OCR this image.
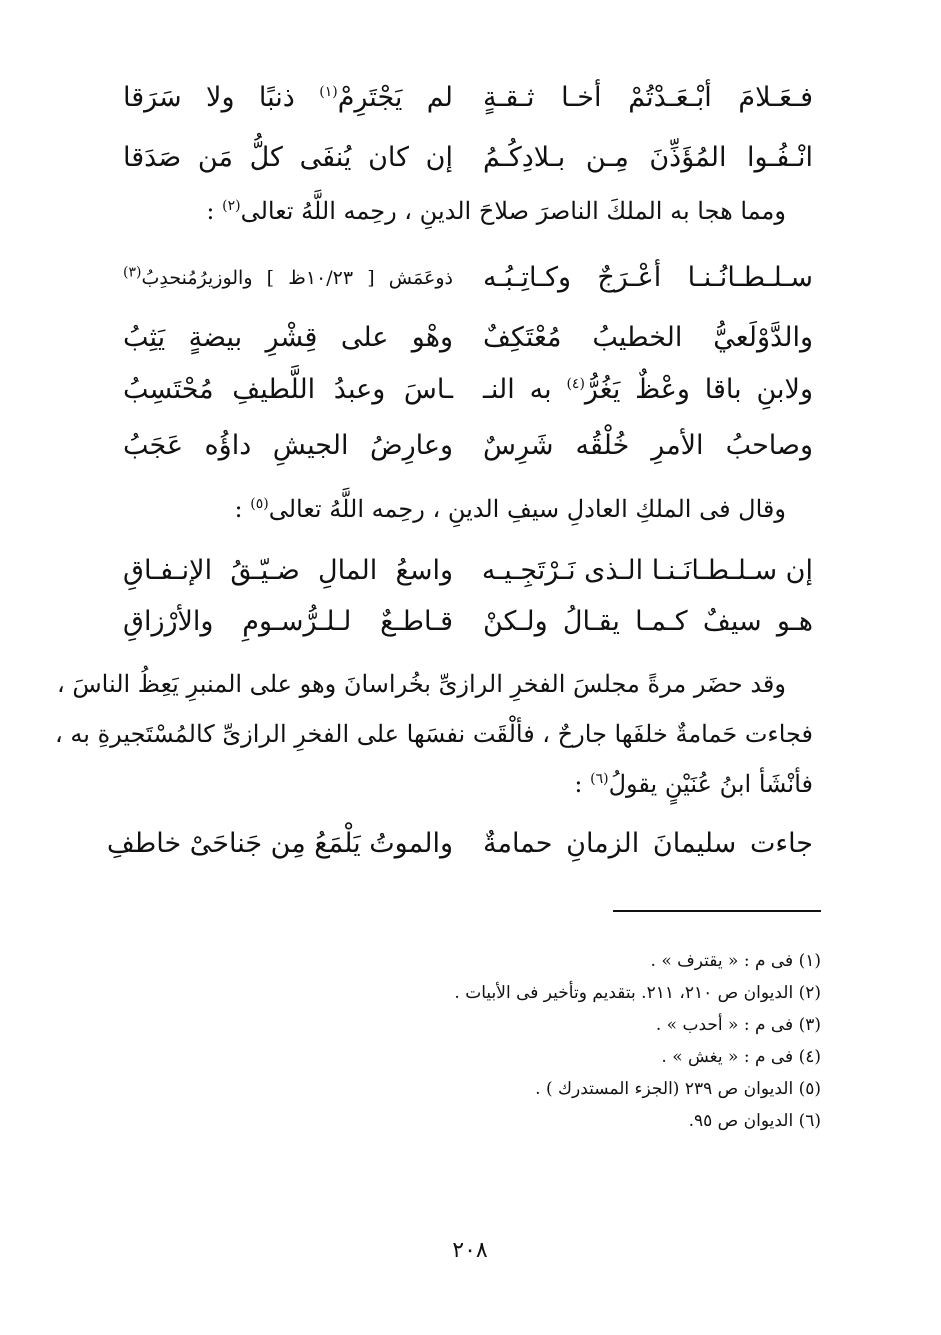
فـعَـلامَ أبْـعَـدْتُمْ أخـا ثـقـةٍ
لم يَجْتَرِمْ$^{(١)}$ ذنبًا ولا سَرَقا
انْـفُـوا المُؤَذِّنَ مِـن بـلادِكُـمُ
إن كان يُنفَى كلُّ مَن صَدَقا
ومما هجا به الملكَ الناصرَ صلاحَ الدينِ ، رحِمه اللَّهُ تعالى$^{(٢)}$ :
سـلـطـانُـنـا أعْـرَجٌ وكـاتِـبُـه
ذوعَمَش [ ١٠/٢٣ظ ] والوزيرُمُنحدِبُ$^{(٣)}$
والدَّوْلَعيُّ الخطيبُ مُعْتَكِفٌ
وهْو على قِشْرِ بيضةٍ يَثِبُ
ولابنِ باقا وعْظٌ يَغُرُّ$^{(٤)}$ به النـ
ـاسَ وعبدُ اللَّطيفِ مُحْتَسِبُ
وصاحبُ الأمرِ خُلْقُه شَرِسٌ
وعارِضُ الجيشِ داؤُه عَجَبُ
وقال فى الملكِ العادلِ سيفِ الدينِ ، رحِمه اللَّهُ تعالى$^{(٥)}$ :
إن سـلـطـانَـنـا الـذى نَـرْتَجِـيـه
واسعُ المالِ ضـيّـقُ الإنـفـاقِ
هـو سيفٌ كـمـا يقـالُ ولـكنْ
قـاطـعٌ لـلـرُّسـومِ والأرْزاقِ
وقد حضَر مرةً مجلسَ الفخرِ الرازىِّ بخُراسانَ وهو على المنبرِ يَعِظُ الناسَ ،
فجاءت حَمامةٌ خلفَها جارحٌ ، فألْقَت نفسَها على الفخرِ الرازىِّ كالمُسْتَجيرةِ به ،
فأنْشَأ ابنُ عُنَيْنٍ يقولُ$^{(٦)}$ :
جاءت سليمانَ الزمانِ حمامةٌ
والموتُ يَلْمَعُ مِن جَناحَىْ خاطفِ
(١) فى م : « يقترف » .
(٢) الديوان ص ٢١٠، ٢١١. بتقديم وتأخير فى الأبيات .
(٣) فى م : « أحدب » .
(٤) فى م : « يغش » .
(٥) الديوان ص ٢٣٩ (الجزء المستدرك ) .
(٦) الديوان ص ٩٥.
٢٠٨
